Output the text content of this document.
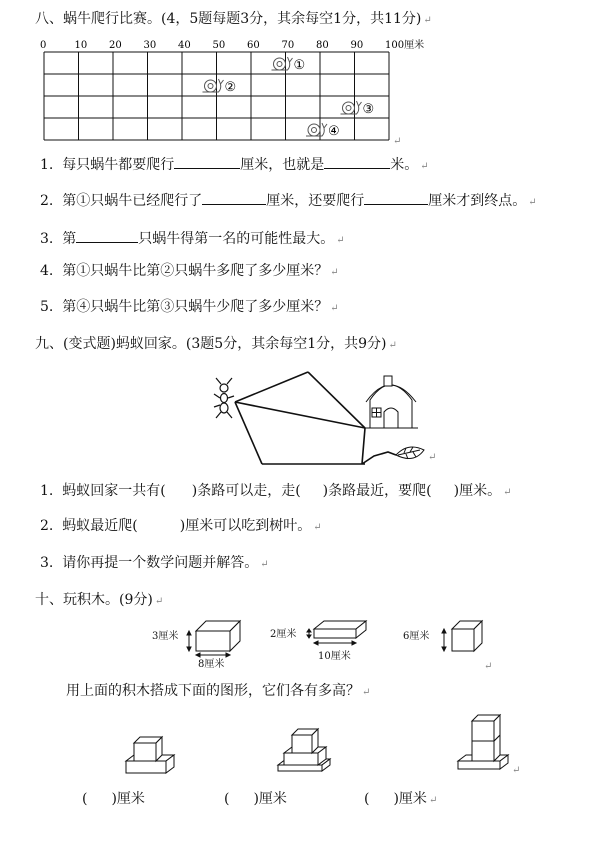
八、蜗牛爬行比赛。(4，5题每题3分，其余每空1分，共11分) ↵
0	10 20 30 40 50 60 70 80 90 100厘米
①
②
③
④
↵
1. 每只蜗牛都要爬行	厘米，也就是	米。 ↵
2. 第①只蜗牛已经爬行了	厘米，还要爬行	厘米才到终点。 ↵
3. 第	只蜗牛得第一名的可能性最大。 ↵
4. 第①只蜗牛比第②只蜗牛多爬了多少厘米？ ↵
5. 第④只蜗牛比第③只蜗牛少爬了多少厘米？ ↵
九、(变式题)蚂蚁回家。(3题5分，其余每空1分，共9分) ↵
↵
1. 蚂蚁回家一共有( )条路可以走，走( )条路最近，要爬( )厘米。 ↵
2. 蚂蚁最近爬(	)厘米可以吃到树叶。 ↵
3. 请你再提一个数学问题并解答。 ↵
十、玩积木。(9分) ↵
3厘米
8厘米
2厘米
10厘米
6厘米
↵
用上面的积木搭成下面的图形，它们各有多高？ ↵
↵
( )厘米	( )厘米	( )厘米 ↵
